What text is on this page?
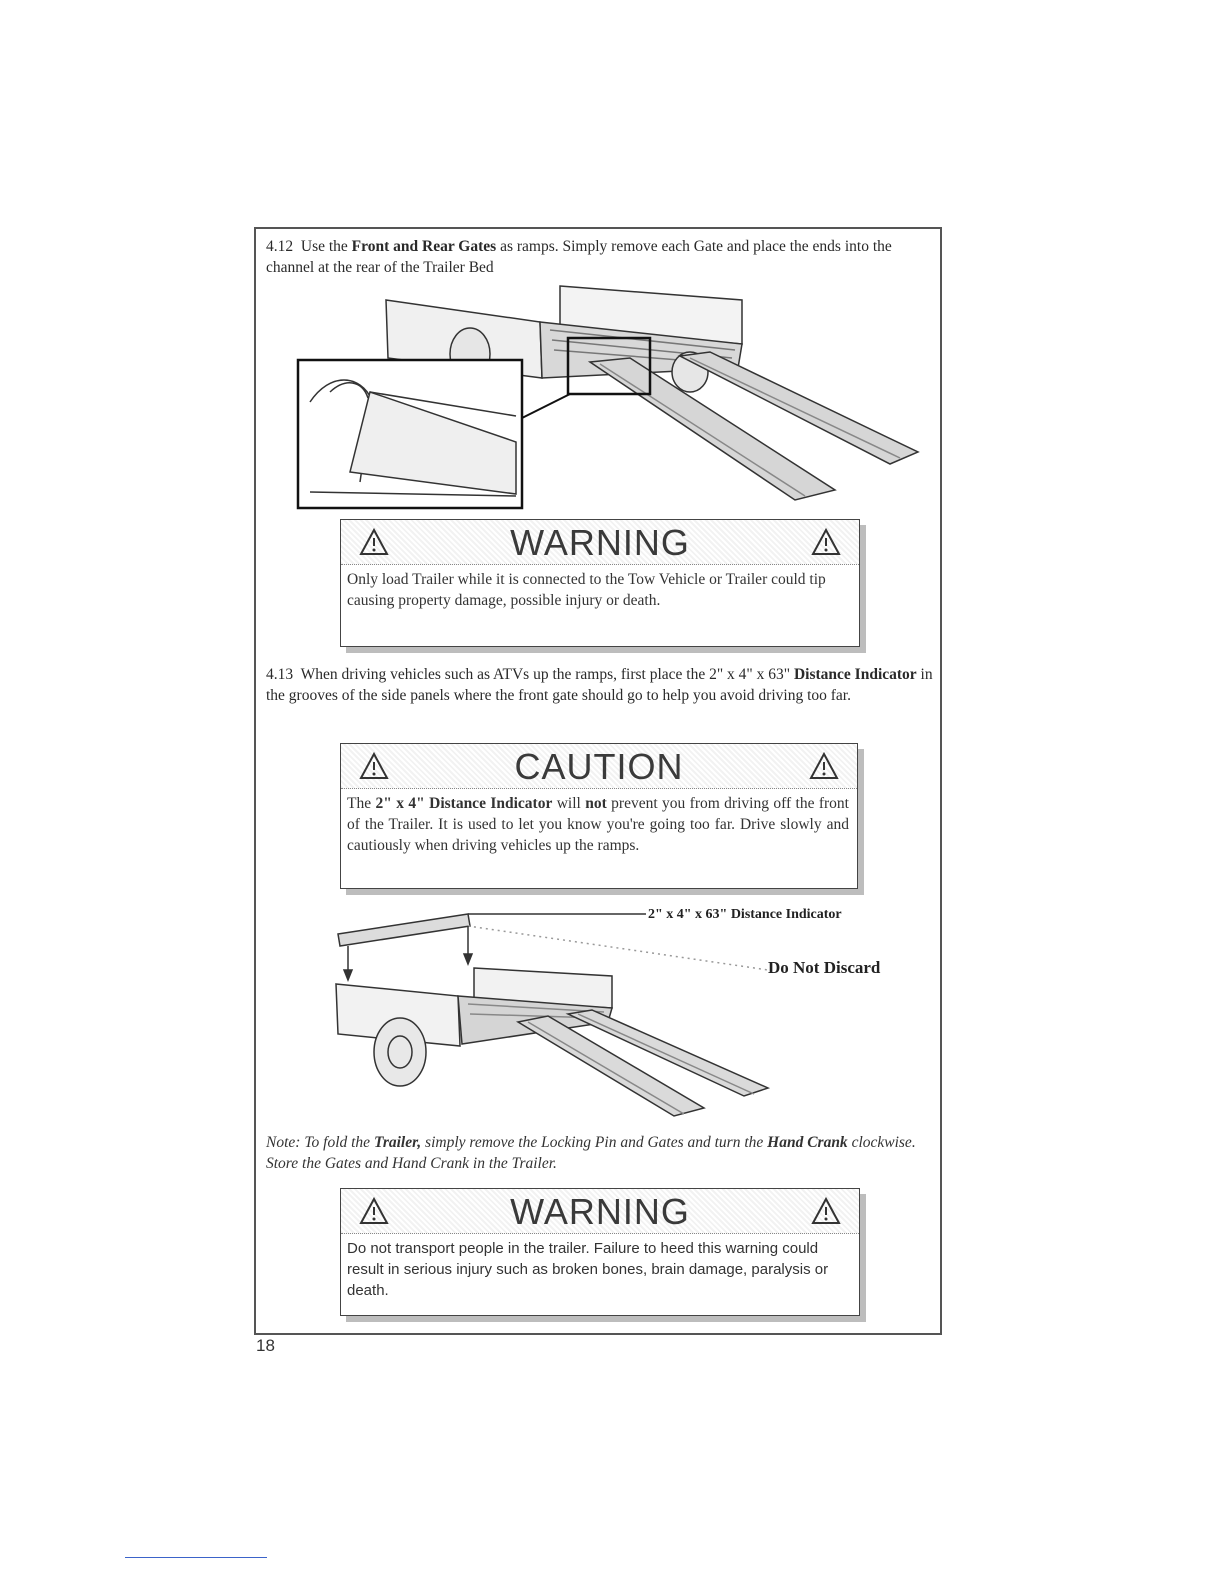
4.12 Use the Front and Rear Gates as ramps. Simply remove each Gate and place the ends into the channel at the rear of the Trailer Bed
WARNING
Only load Trailer while it is connected to the Tow Vehicle or Trailer could tip causing property damage, possible injury or death.
4.13 When driving vehicles such as ATVs up the ramps, first place the 2" x 4" x 63" Distance Indicator in the grooves of the side panels where the front gate should go to help you avoid driving too far.
CAUTION
The 2" x 4" Distance Indicator will not prevent you from driving off the front of the Trailer. It is used to let you know you're going too far. Drive slowly and cautiously when driving vehicles up the ramps.
2" x 4" x 63" Distance Indicator
Do Not Discard
Note: To fold the Trailer, simply remove the Locking Pin and Gates and turn the Hand Crank clockwise. Store the Gates and Hand Crank in the Trailer.
WARNING
Do not transport people in the trailer. Failure to heed this warning could result in serious injury such as broken bones, brain damage, paralysis or death.
18
